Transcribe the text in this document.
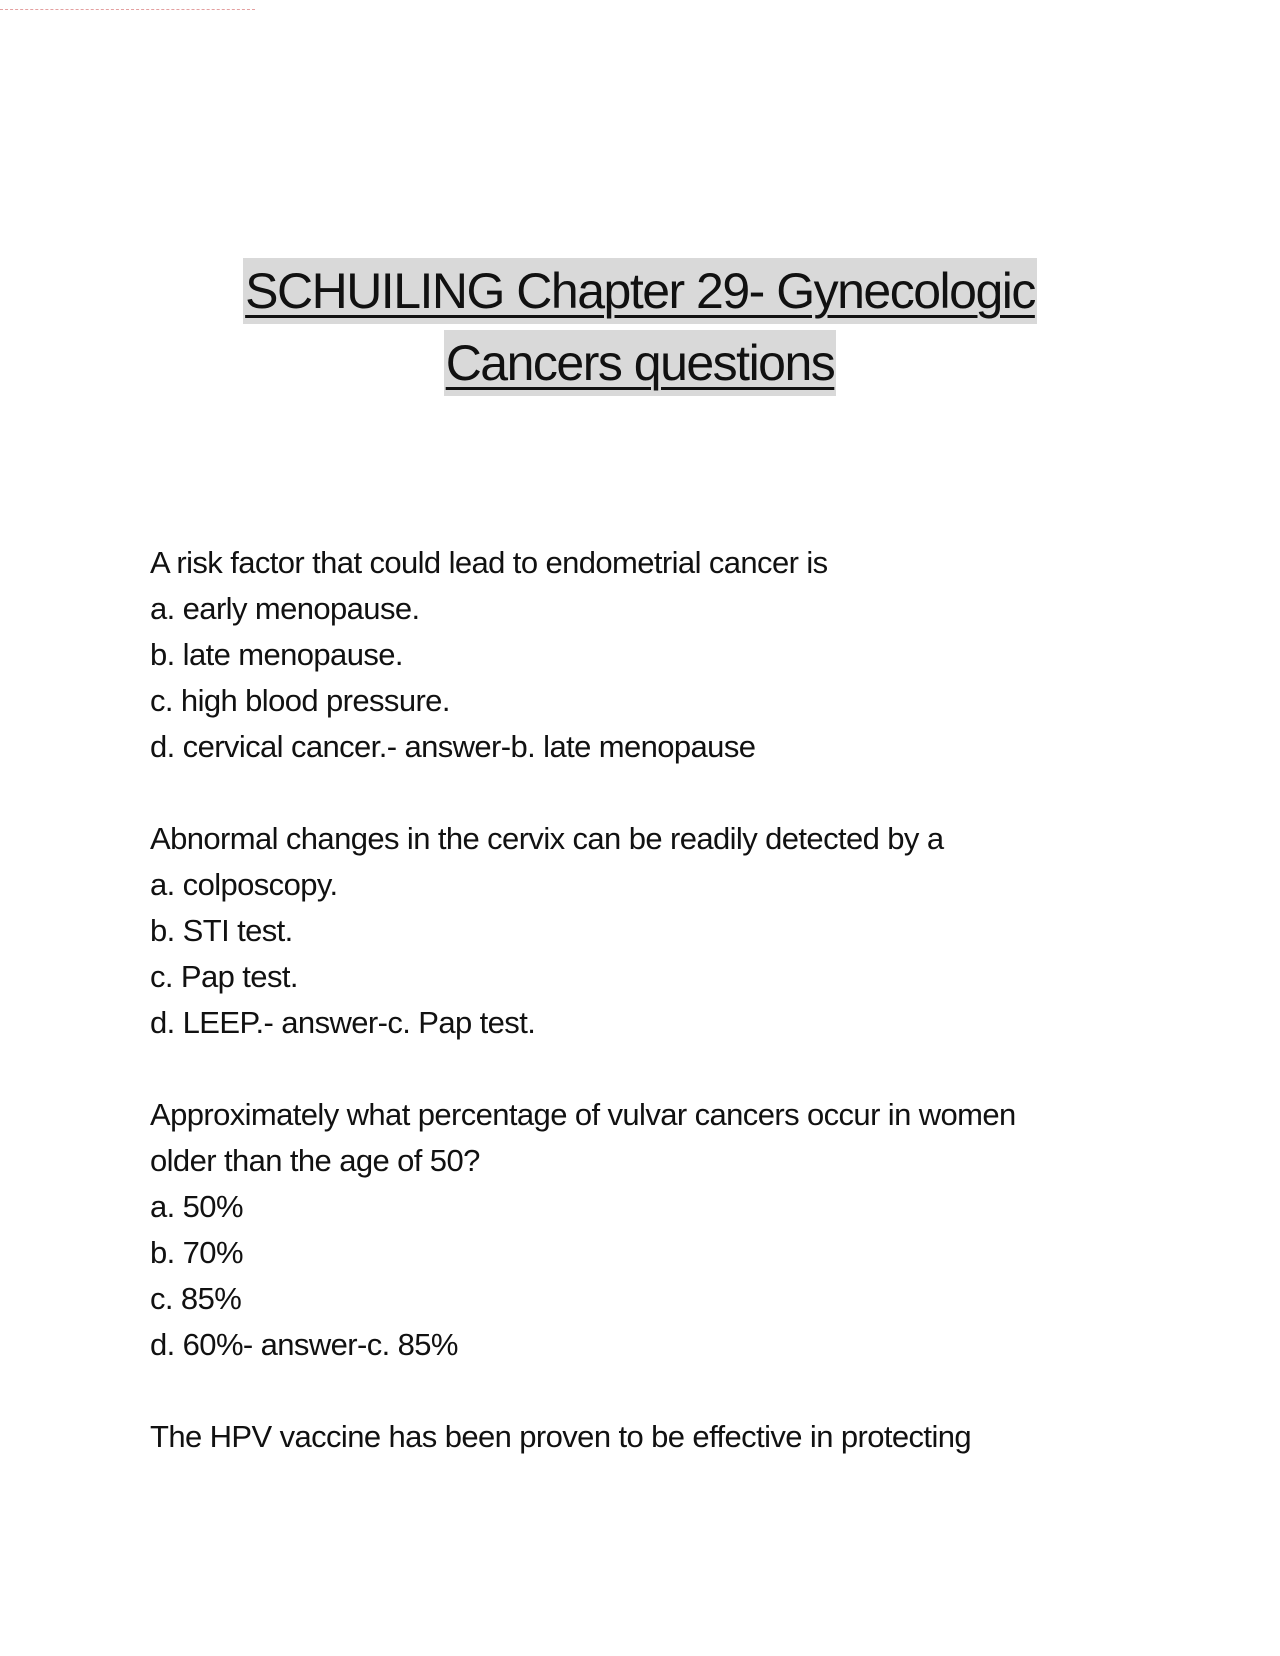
SCHUILING Chapter 29- Gynecologic
Cancers questions
A risk factor that could lead to endometrial cancer is
a. early menopause.
b. late menopause.
c. high blood pressure.
d. cervical cancer.- answer-b. late menopause
Abnormal changes in the cervix can be readily detected by a
a. colposcopy.
b. STI test.
c. Pap test.
d. LEEP.- answer-c. Pap test.
Approximately what percentage of vulvar cancers occur in women
older than the age of 50?
a. 50%
b. 70%
c. 85%
d. 60%- answer-c. 85%
The HPV vaccine has been proven to be effective in protecting
